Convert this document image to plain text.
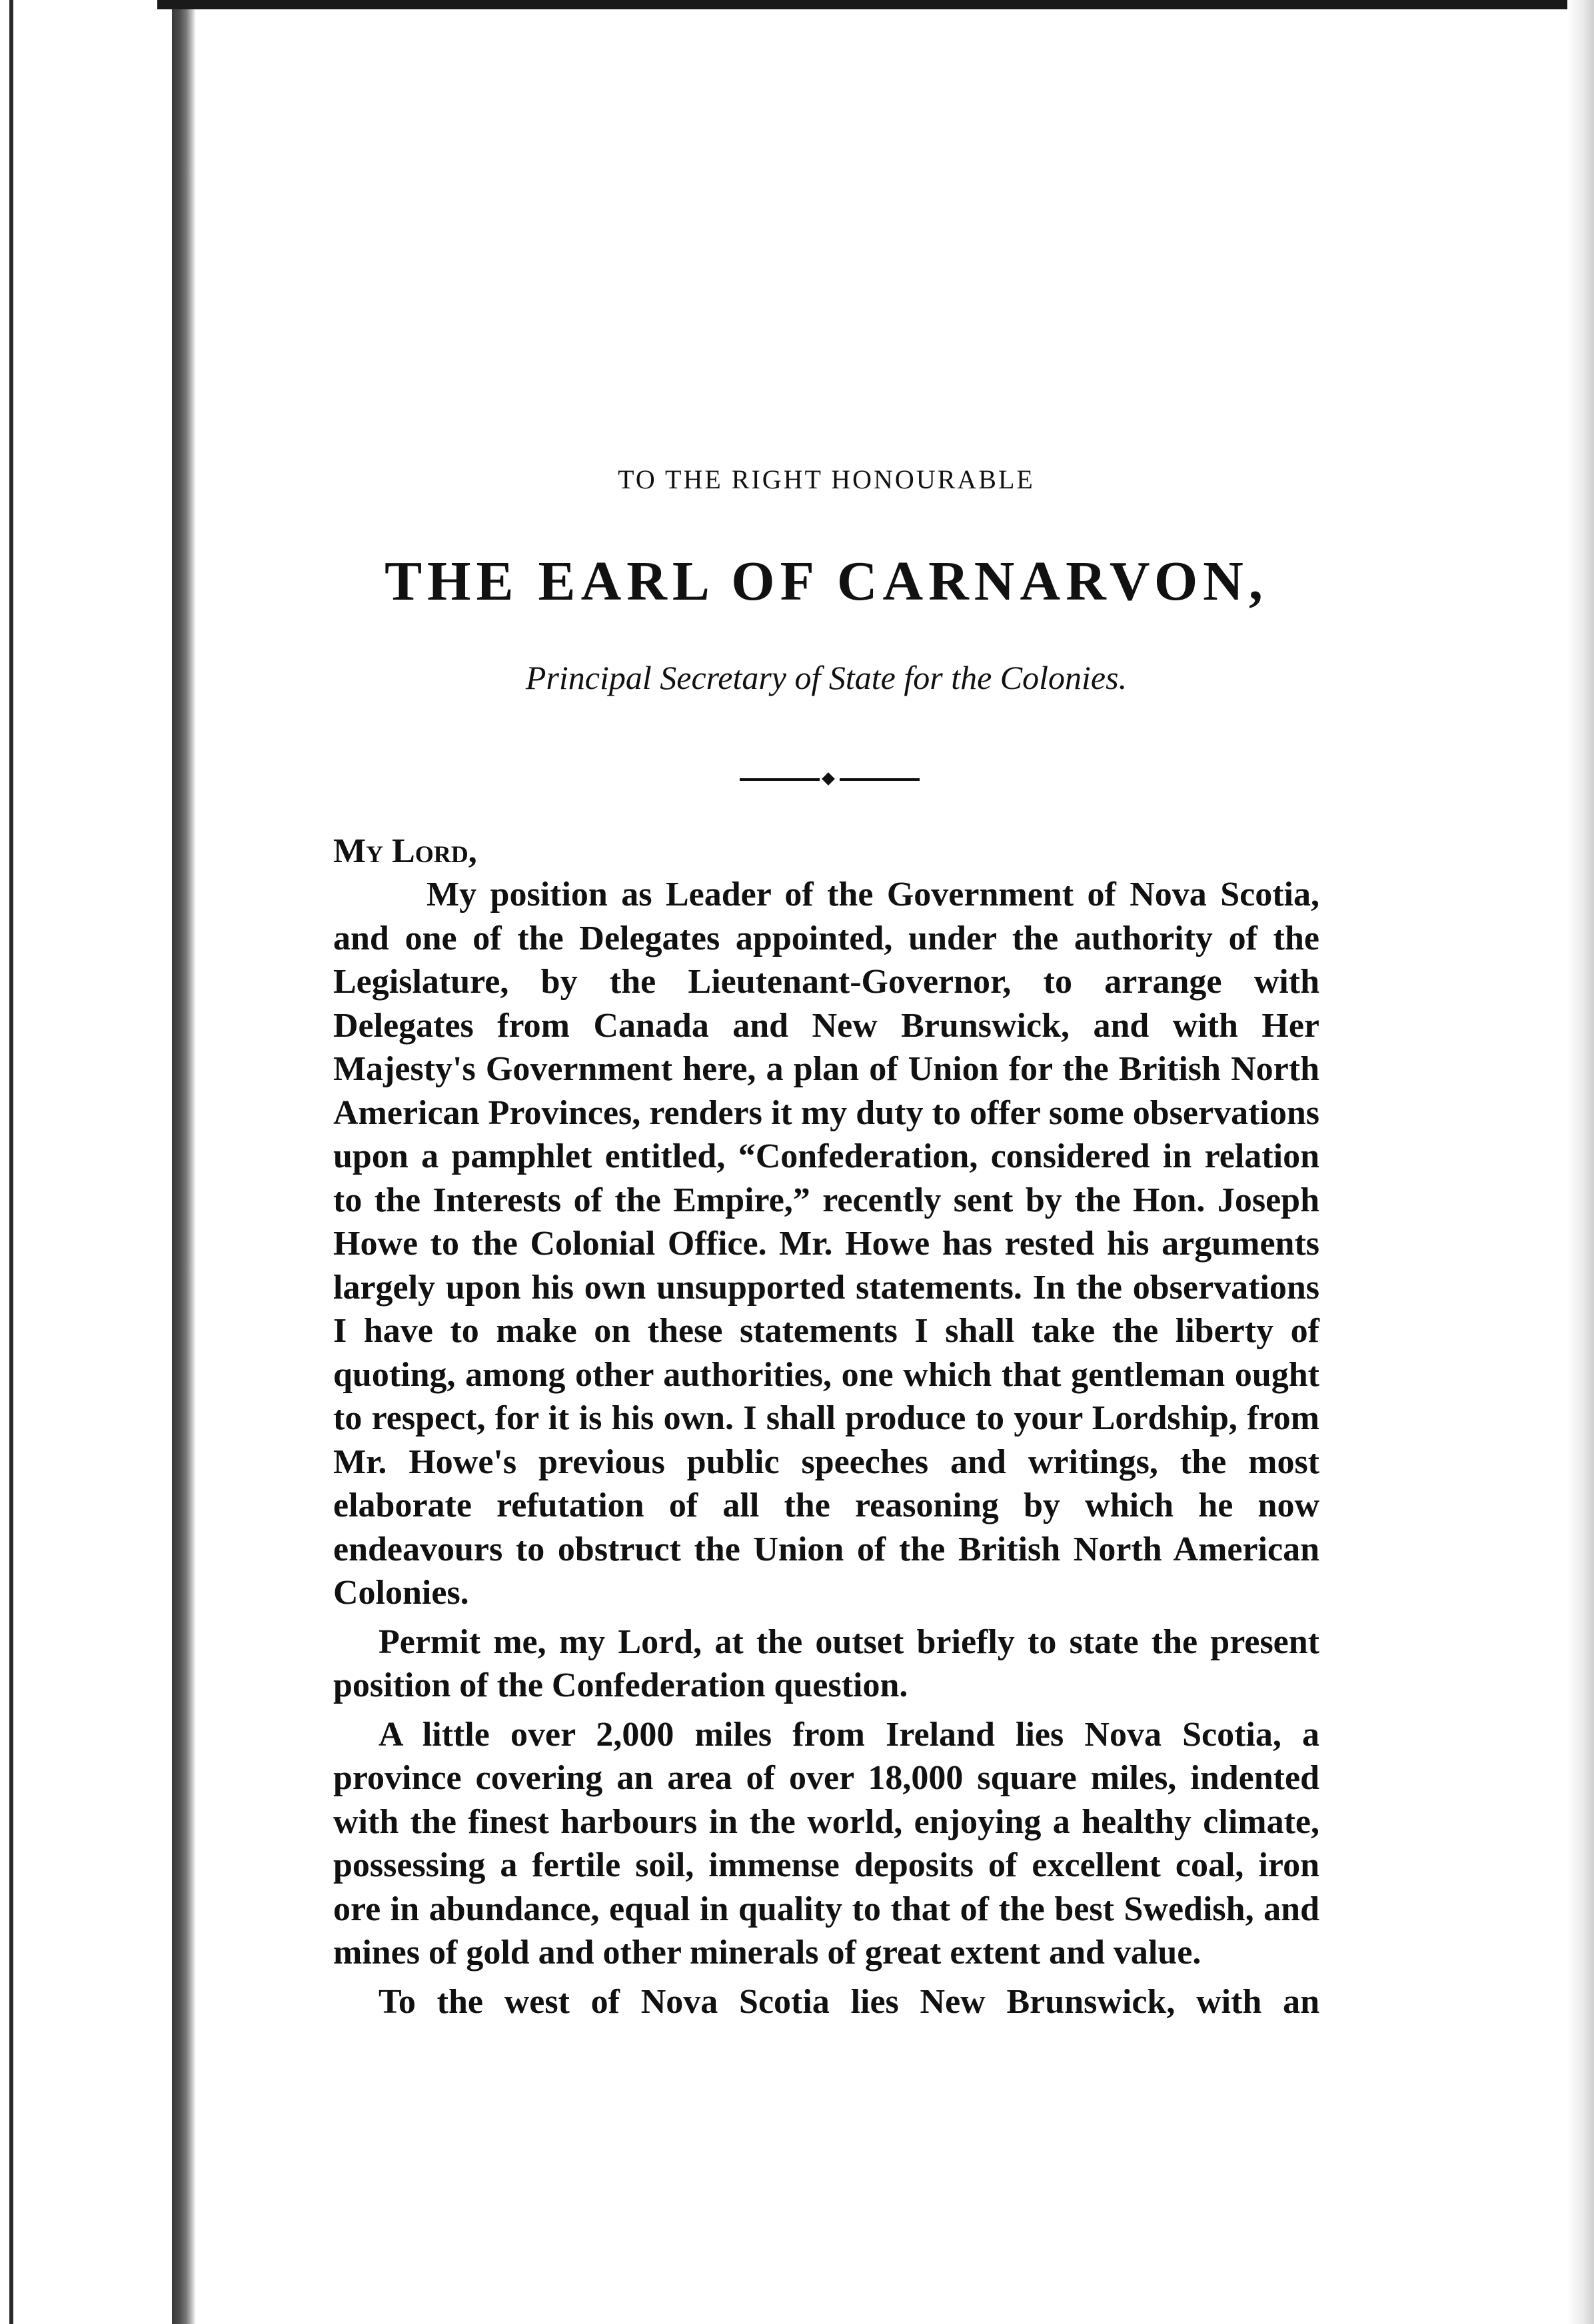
TO THE RIGHT HONOURABLE
THE EARL OF CARNARVON,
Principal Secretary of State for the Colonies.
My Lord,

My position as Leader of the Government of Nova Scotia, and one of the Delegates appointed, under the authority of the Legislature, by the Lieutenant-Governor, to arrange with Delegates from Canada and New Brunswick, and with Her Majesty's Government here, a plan of Union for the British North American Provinces, renders it my duty to offer some observations upon a pamphlet entitled, “Confederation, considered in relation to the Interests of the Empire,” recently sent by the Hon. Joseph Howe to the Colonial Office. Mr. Howe has rested his arguments largely upon his own unsupported statements. In the observations I have to make on these statements I shall take the liberty of quoting, among other authorities, one which that gentleman ought to respect, for it is his own. I shall produce to your Lordship, from Mr. Howe's previous public speeches and writings, the most elaborate refutation of all the reasoning by which he now endeavours to obstruct the Union of the British North American Colonies.

Permit me, my Lord, at the outset briefly to state the present position of the Confederation question.

A little over 2,000 miles from Ireland lies Nova Scotia, a province covering an area of over 18,000 square miles, indented with the finest harbours in the world, enjoying a healthy climate, possessing a fertile soil, immense deposits of excellent coal, iron ore in abundance, equal in quality to that of the best Swedish, and mines of gold and other minerals of great extent and value.

To the west of Nova Scotia lies New Brunswick, with an
